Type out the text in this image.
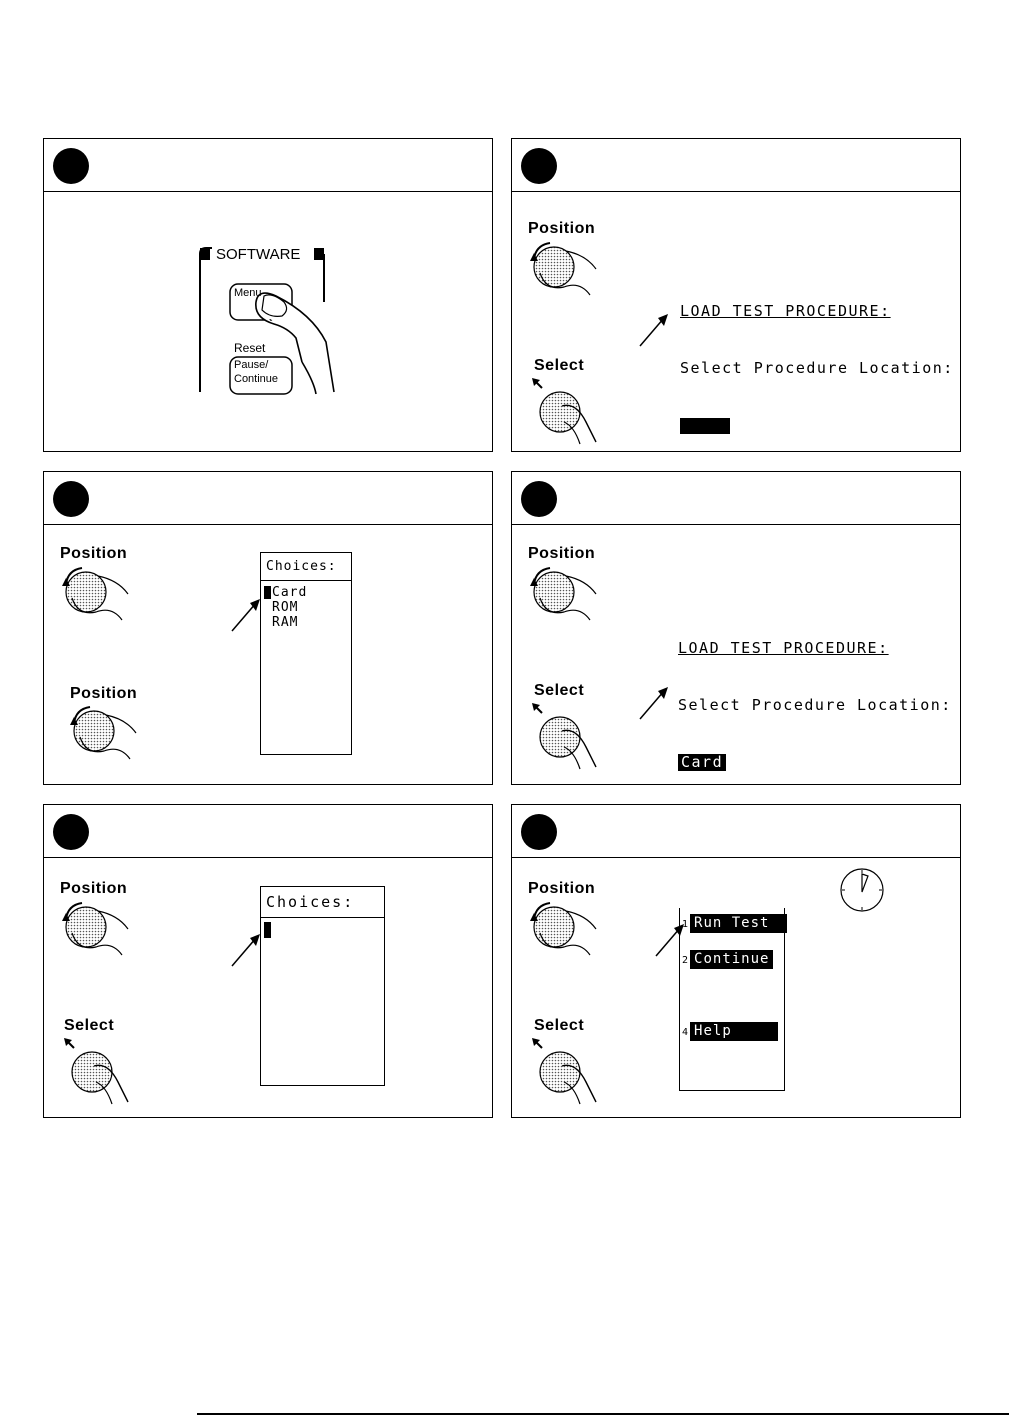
SOFTWARE
Menu
Reset
Pause/
Continue
Position
Select

LOAD TEST PROCEDURE:

Select Procedure Location:

Position
Position
Choices:
Card
ROM
RAM
Position
Select

LOAD TEST PROCEDURE:

Select Procedure Location:

Card

Position
Select
Choices:
Position
Select
1 Run Test
2 Continue
4 Help
